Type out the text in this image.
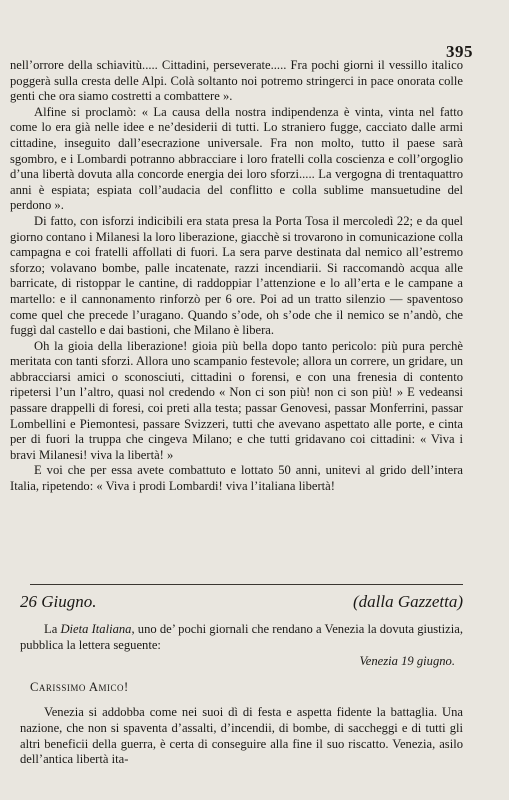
395

nell’orrore della schiavitù..... Cittadini, perseverate..... Fra pochi giorni il vessillo italico poggerà sulla cresta delle Alpi. Colà soltanto noi potremo stringerci in pace onorata colle genti che ora siamo costretti a combattere ».

Alfine si proclamò: « La causa della nostra indipendenza è vinta, vinta nel fatto come lo era già nelle idee e ne’desiderii di tutti. Lo straniero fugge, cacciato dalle armi cittadine, inseguito dall’esecrazione universale. Fra non molto, tutto il paese sarà sgombro, e i Lombardi potranno abbracciare i loro fratelli colla coscienza e coll’orgoglio d’una libertà dovuta alla concorde energia dei loro sforzi..... La vergogna di trentaquattro anni è espiata; espiata coll’audacia del conflitto e colla sublime mansuetudine del perdono ».

Di fatto, con isforzi indicibili era stata presa la Porta Tosa il mercoledì 22; e da quel giorno contano i Milanesi la loro liberazione, giacchè si trovarono in comunicazione colla campagna e coi fratelli affollati di fuori. La sera parve destinata dal nemico all’estremo sforzo; volavano bombe, palle incatenate, razzi incendiarii. Si raccomandò acqua alle barricate, di ristoppar le cantine, di raddoppiar l’attenzione e lo all’erta e le campane a martello: e il cannonamento rinforzò per 6 ore. Poi ad un tratto silenzio — spaventoso come quel che precede l’uragano. Quando s’ode, oh s’ode che il nemico se n’andò, che fuggì dal castello e dai bastioni, che Milano è libera.

Oh la gioia della liberazione! gioia più bella dopo tanto pericolo: più pura perchè meritata con tanti sforzi. Allora uno scampanio festevole; allora un correre, un gridare, un abbracciarsi amici o sconosciuti, cittadini o forensi, e con una frenesia di contento ripetersi l’un l’altro, quasi nol credendo « Non ci son più! non ci son più! » E vedeansi passare drappelli di foresi, coi preti alla testa; passar Genovesi, passar Monferrini, passar Lombellini e Piemontesi, passare Svizzeri, tutti che avevano aspettato alle porte, e cinta per di fuori la truppa che cingeva Milano; e che tutti gridavano coi cittadini: « Viva i bravi Milanesi! viva la libertà! »

E voi che per essa avete combattuto e lottato 50 anni, unitevi al grido dell’intera Italia, ripetendo: « Viva i prodi Lombardi! viva l’italiana libertà!

26 Giugno.	(dalla Gazzetta)

La Dieta Italiana, uno de’ pochi giornali che rendano a Venezia la dovuta giustizia, pubblica la lettera seguente:

Venezia 19 giugno.

Carissimo Amico!

Venezia si addobba come nei suoi dì di festa e aspetta fidente la battaglia. Una nazione, che non si spaventa d’assalti, d’incendii, di bombe, di saccheggi e di tutti gli altri beneficii della guerra, è certa di conseguire alla fine il suo riscatto. Venezia, asilo dell’antica libertà ita-
